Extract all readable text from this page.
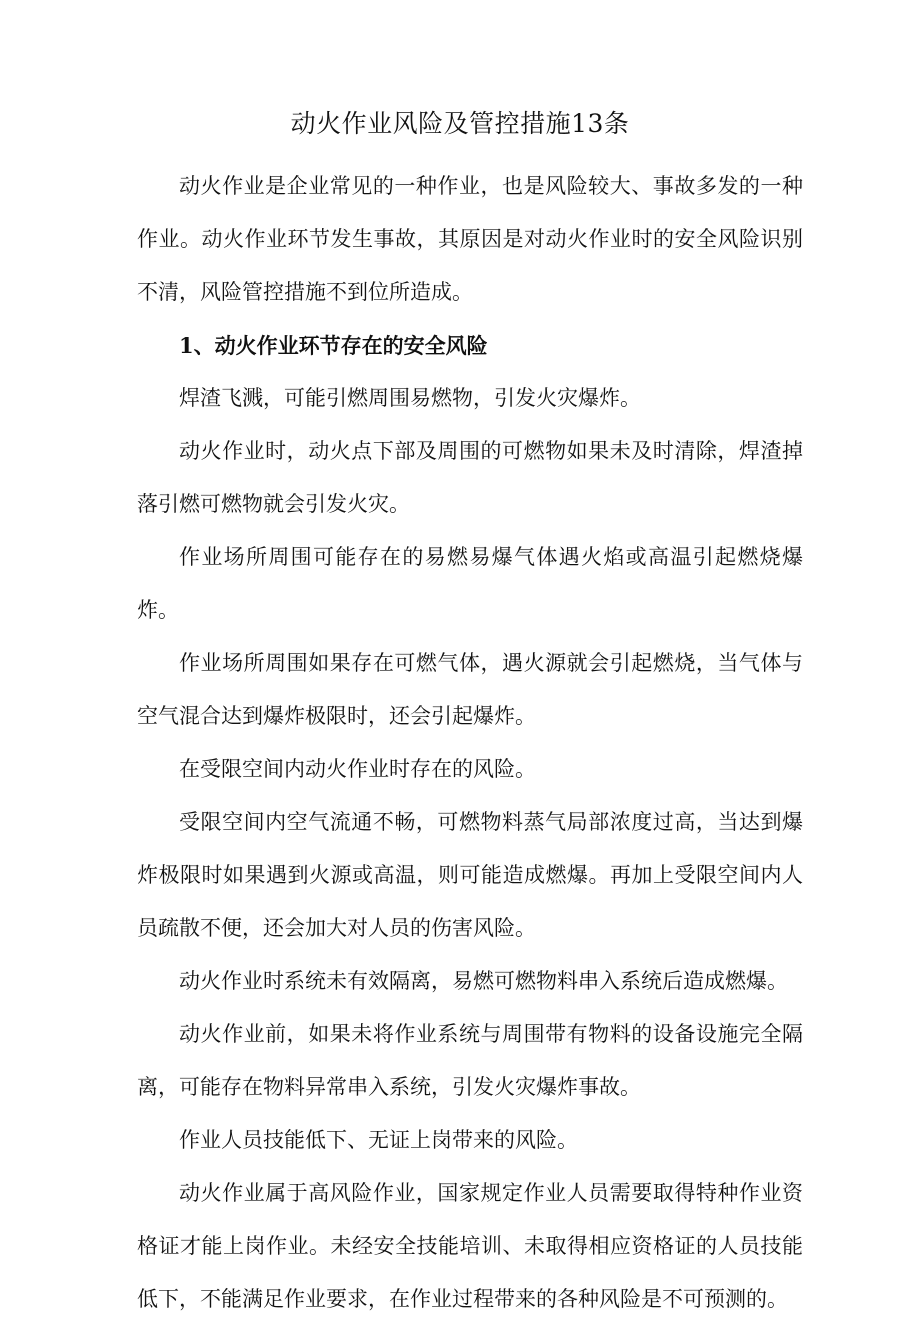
动火作业风险及管控措施13条

动火作业是企业常见的一种作业，也是风险较大、事故多发的一种作业。动火作业环节发生事故，其原因是对动火作业时的安全风险识别不清，风险管控措施不到位所造成。

1、动火作业环节存在的安全风险

焊渣飞溅，可能引燃周围易燃物，引发火灾爆炸。

动火作业时，动火点下部及周围的可燃物如果未及时清除，焊渣掉落引燃可燃物就会引发火灾。

作业场所周围可能存在的易燃易爆气体遇火焰或高温引起燃烧爆炸。

作业场所周围如果存在可燃气体，遇火源就会引起燃烧，当气体与空气混合达到爆炸极限时，还会引起爆炸。

在受限空间内动火作业时存在的风险。

受限空间内空气流通不畅，可燃物料蒸气局部浓度过高，当达到爆炸极限时如果遇到火源或高温，则可能造成燃爆。再加上受限空间内人员疏散不便，还会加大对人员的伤害风险。

动火作业时系统未有效隔离，易燃可燃物料串入系统后造成燃爆。

动火作业前，如果未将作业系统与周围带有物料的设备设施完全隔离，可能存在物料异常串入系统，引发火灾爆炸事故。

作业人员技能低下、无证上岗带来的风险。

动火作业属于高风险作业，国家规定作业人员需要取得特种作业资格证才能上岗作业。未经安全技能培训、未取得相应资格证的人员技能低下，不能满足作业要求，在作业过程带来的各种风险是不可预测的。
